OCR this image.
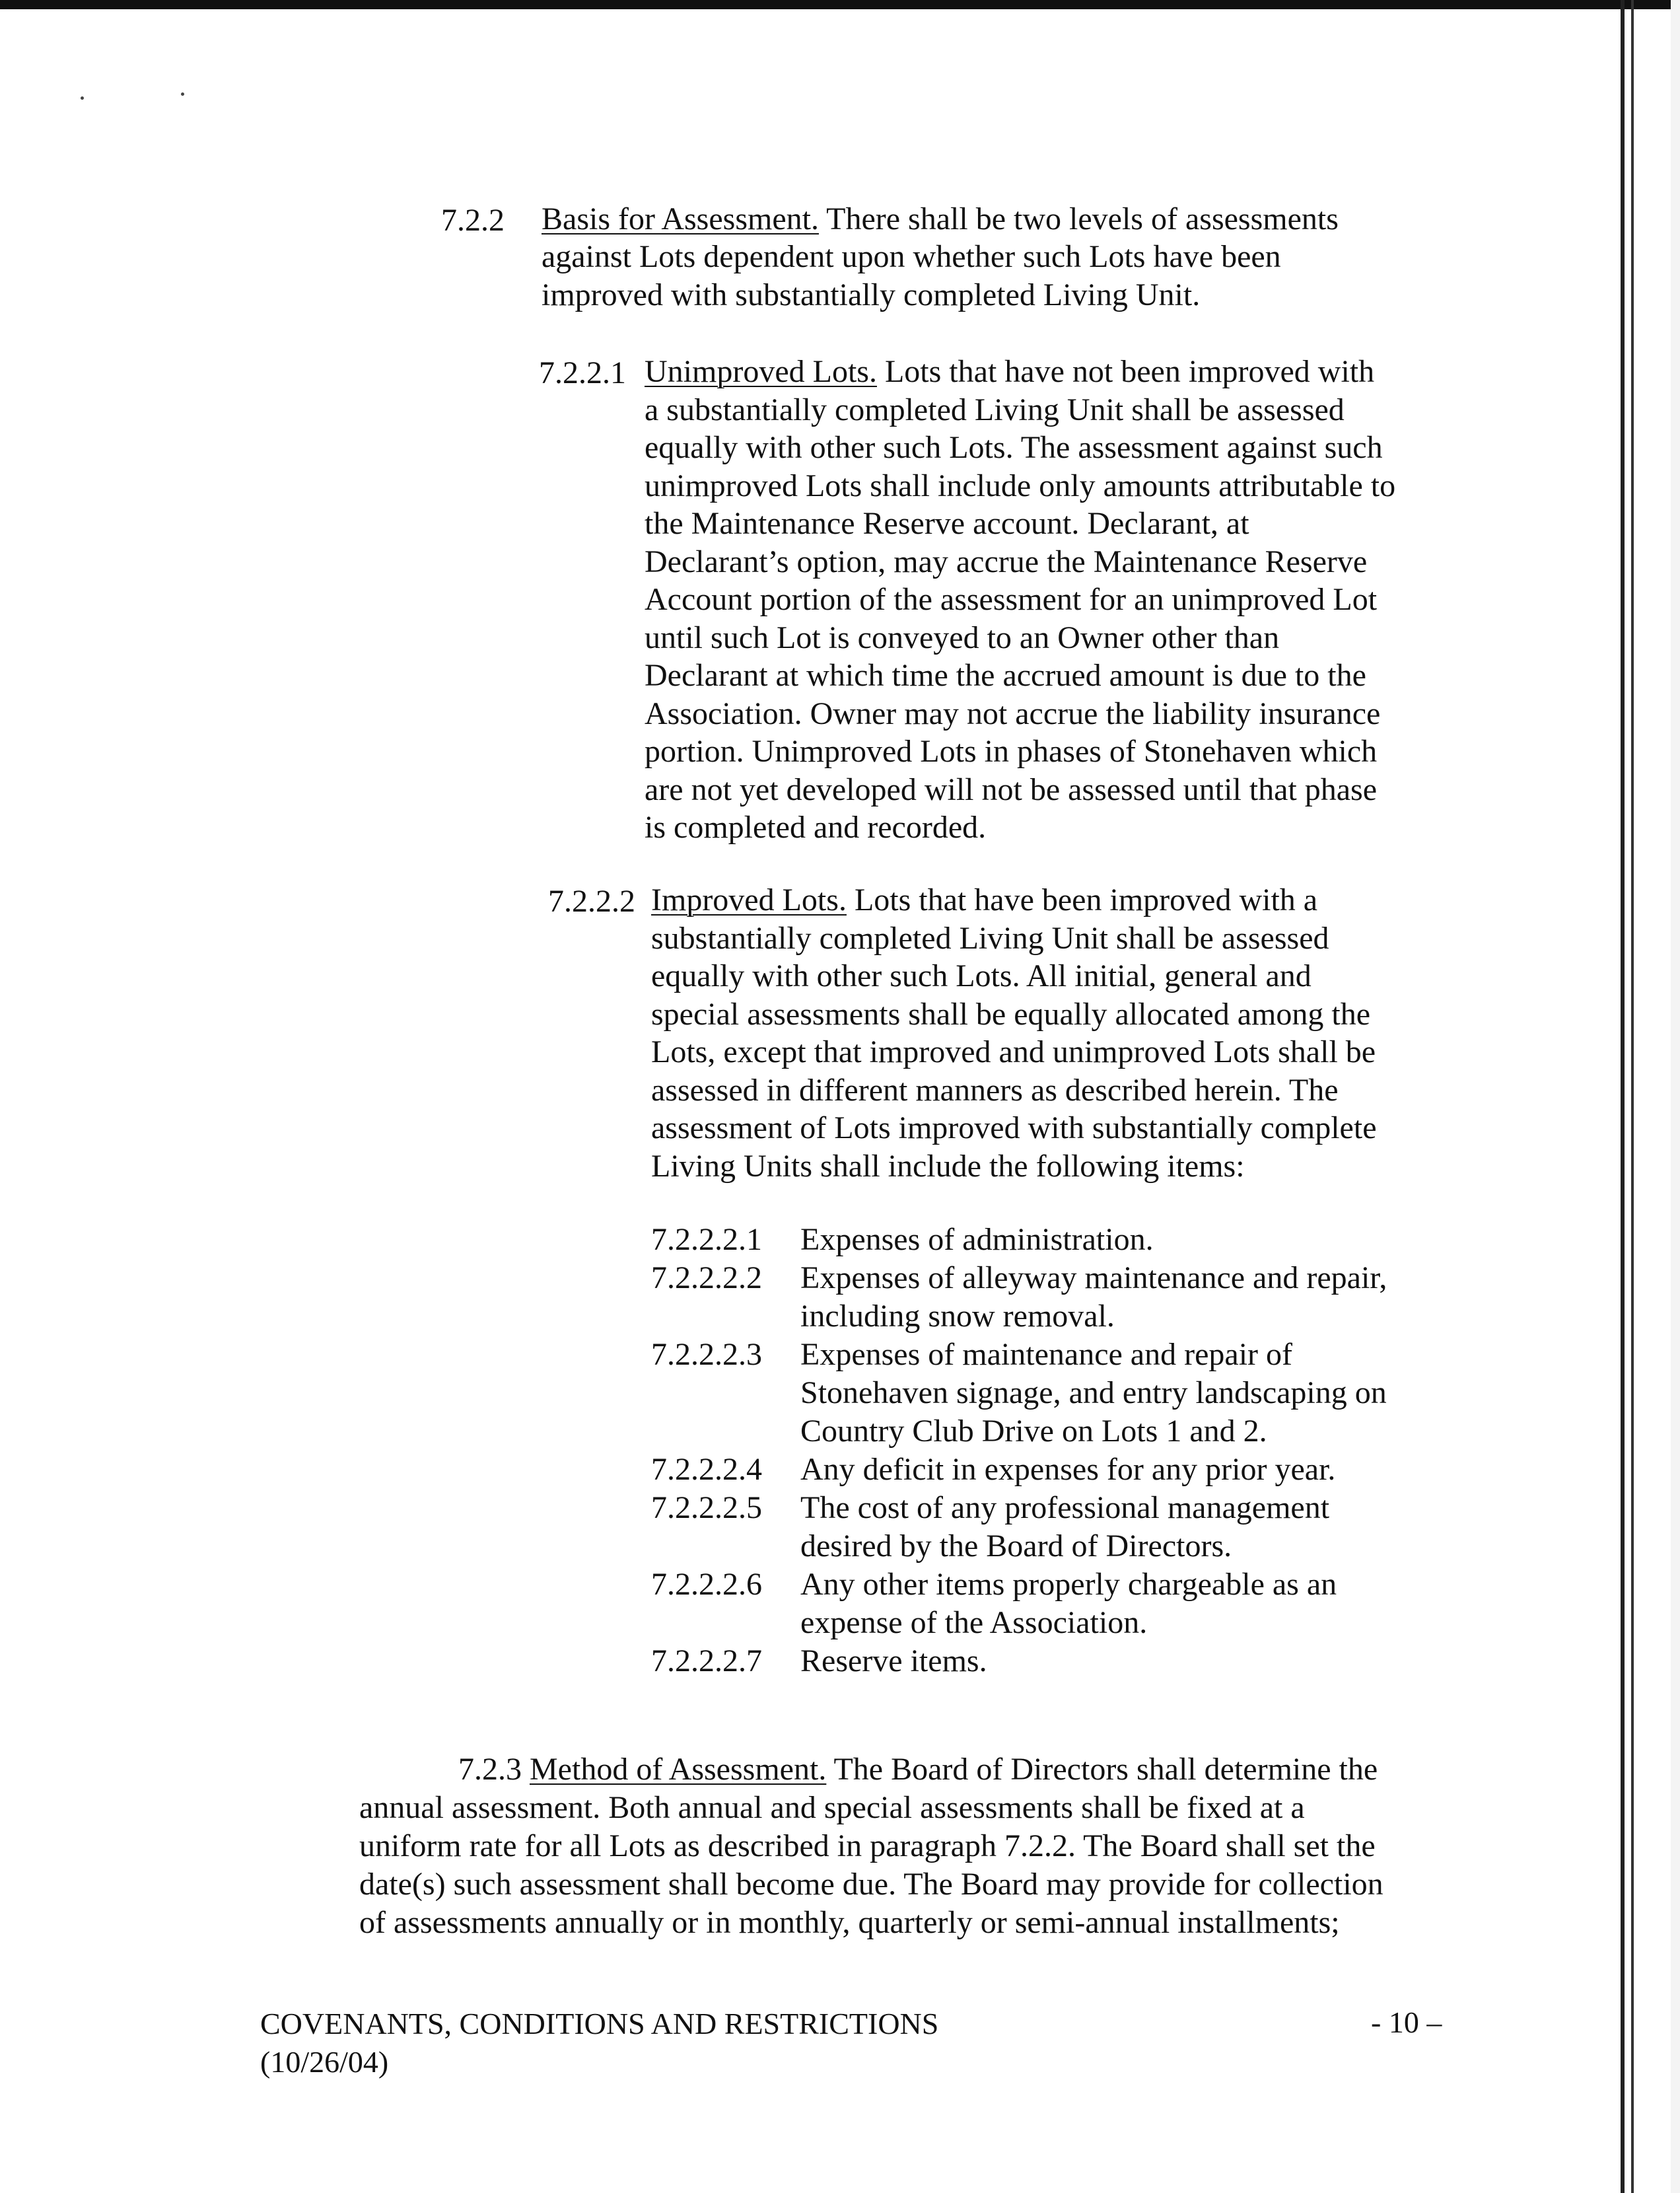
7.2.2 Basis for Assessment. There shall be two levels of assessments
against Lots dependent upon whether such Lots have been
improved with substantially completed Living Unit.
7.2.2.1 Unimproved Lots. Lots that have not been improved with
a substantially completed Living Unit shall be assessed
equally with other such Lots. The assessment against such
unimproved Lots shall include only amounts attributable to
the Maintenance Reserve account. Declarant, at
Declarant’s option, may accrue the Maintenance Reserve
Account portion of the assessment for an unimproved Lot
until such Lot is conveyed to an Owner other than
Declarant at which time the accrued amount is due to the
Association. Owner may not accrue the liability insurance
portion. Unimproved Lots in phases of Stonehaven which
are not yet developed will not be assessed until that phase
is completed and recorded.
7.2.2.2 Improved Lots. Lots that have been improved with a
substantially completed Living Unit shall be assessed
equally with other such Lots. All initial, general and
special assessments shall be equally allocated among the
Lots, except that improved and unimproved Lots shall be
assessed in different manners as described herein. The
assessment of Lots improved with substantially complete
Living Units shall include the following items:
7.2.2.2.1	Expenses of administration.
7.2.2.2.2	Expenses of alleyway maintenance and repair,
including snow removal.
7.2.2.2.3	Expenses of maintenance and repair of
Stonehaven signage, and entry landscaping on
Country Club Drive on Lots 1 and 2.
7.2.2.2.4	Any deficit in expenses for any prior year.
7.2.2.2.5	The cost of any professional management
desired by the Board of Directors.
7.2.2.2.6	Any other items properly chargeable as an
expense of the Association.
7.2.2.2.7	Reserve items.
7.2.3 Method of Assessment. The Board of Directors shall determine the
annual assessment. Both annual and special assessments shall be fixed at a
uniform rate for all Lots as described in paragraph 7.2.2. The Board shall set the
date(s) such assessment shall become due. The Board may provide for collection
of assessments annually or in monthly, quarterly or semi-annual installments;
COVENANTS, CONDITIONS AND RESTRICTIONS
(10/26/04)
- 10 –
